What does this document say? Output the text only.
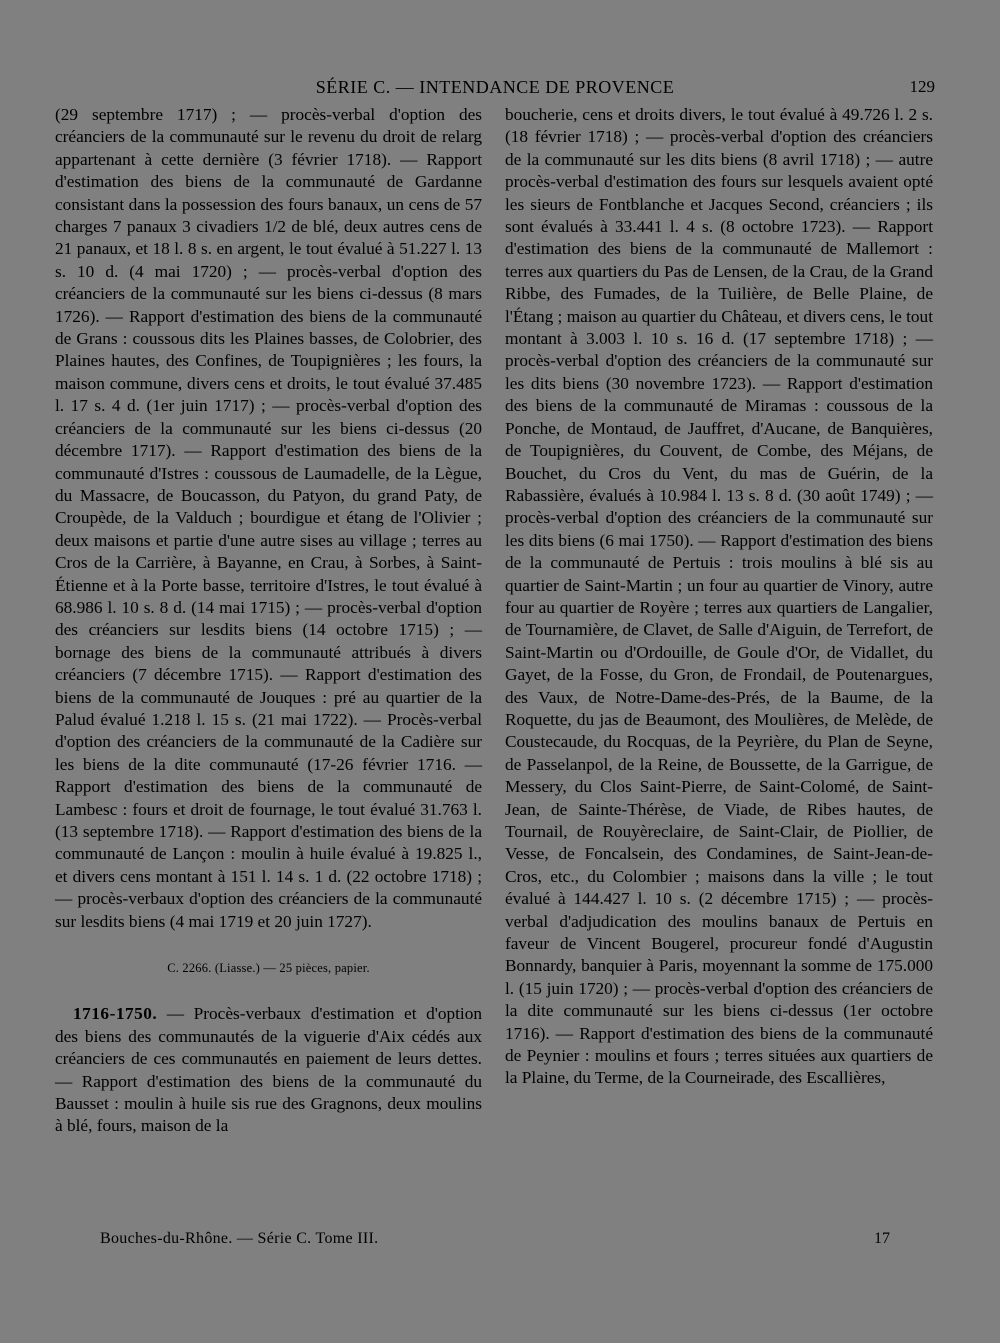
SÉRIE C. — INTENDANCE DE PROVENCE	129

(29 septembre 1717) ; — procès-verbal d'option des créanciers de la communauté sur le revenu du droit de relarg appartenant à cette dernière (3 février 1718). — Rapport d'estimation des biens de la communauté de Gardanne consistant dans la possession des fours banaux, un cens de 57 charges 7 panaux 3 civadiers 1/2 de blé, deux autres cens de 21 panaux, et 18 l. 8 s. en argent, le tout évalué à 51.227 l. 13 s. 10 d. (4 mai 1720) ; — procès-verbal d'option des créanciers de la communauté sur les biens ci-dessus (8 mars 1726). — Rapport d'estimation des biens de la communauté de Grans : coussous dits les Plaines basses, de Colobrier, des Plaines hautes, des Confines, de Toupignières ; les fours, la maison commune, divers cens et droits, le tout évalué 37.485 l. 17 s. 4 d. (1er juin 1717) ; — procès-verbal d'option des créanciers de la communauté sur les biens ci-dessus (20 décembre 1717). — Rapport d'estimation des biens de la communauté d'Istres : coussous de Laumadelle, de la Lègue, du Massacre, de Boucasson, du Patyon, du grand Paty, de Croupède, de la Valduch ; bourdigue et étang de l'Olivier ; deux maisons et partie d'une autre sises au village ; terres au Cros de la Carrière, à Bayanne, en Crau, à Sorbes, à Saint-Étienne et à la Porte basse, territoire d'Istres, le tout évalué à 68.986 l. 10 s. 8 d. (14 mai 1715) ; — procès-verbal d'option des créanciers sur lesdits biens (14 octobre 1715) ; — bornage des biens de la communauté attribués à divers créanciers (7 décembre 1715). — Rapport d'estimation des biens de la communauté de Jouques : pré au quartier de la Palud évalué 1.218 l. 15 s. (21 mai 1722). — Procès-verbal d'option des créanciers de la communauté de la Cadière sur les biens de la dite communauté (17-26 février 1716. — Rapport d'estimation des biens de la communauté de Lambesc : fours et droit de fournage, le tout évalué 31.763 l. (13 septembre 1718). — Rapport d'estimation des biens de la communauté de Lançon : moulin à huile évalué à 19.825 l., et divers cens montant à 151 l. 14 s. 1 d. (22 octobre 1718) ; — procès-verbaux d'option des créanciers de la communauté sur lesdits biens (4 mai 1719 et 20 juin 1727).

C. 2266. (Liasse.) — 25 pièces, papier.

1716-1750. — Procès-verbaux d'estimation et d'option des biens des communautés de la viguerie d'Aix cédés aux créanciers de ces communautés en paiement de leurs dettes. — Rapport d'estimation des biens de la communauté du Bausset : moulin à huile sis rue des Gragnons, deux moulins à blé, fours, maison de la

boucherie, cens et droits divers, le tout évalué à 49.726 l. 2 s. (18 février 1718) ; — procès-verbal d'option des créanciers de la communauté sur les dits biens (8 avril 1718) ; — autre procès-verbal d'estimation des fours sur lesquels avaient opté les sieurs de Fontblanche et Jacques Second, créanciers ; ils sont évalués à 33.441 l. 4 s. (8 octobre 1723). — Rapport d'estimation des biens de la communauté de Mallemort : terres aux quartiers du Pas de Lensen, de la Crau, de la Grand Ribbe, des Fumades, de la Tuilière, de Belle Plaine, de l'Étang ; maison au quartier du Château, et divers cens, le tout montant à 3.003 l. 10 s. 16 d. (17 septembre 1718) ; — procès-verbal d'option des créanciers de la communauté sur les dits biens (30 novembre 1723). — Rapport d'estimation des biens de la communauté de Miramas : coussous de la Ponche, de Montaud, de Jauffret, d'Aucane, de Banquières, de Toupignières, du Couvent, de Combe, des Méjans, de Bouchet, du Cros du Vent, du mas de Guérin, de la Rabassière, évalués à 10.984 l. 13 s. 8 d. (30 août 1749) ; — procès-verbal d'option des créanciers de la communauté sur les dits biens (6 mai 1750). — Rapport d'estimation des biens de la communauté de Pertuis : trois moulins à blé sis au quartier de Saint-Martin ; un four au quartier de Vinory, autre four au quartier de Royère ; terres aux quartiers de Langalier, de Tournamière, de Clavet, de Salle d'Aiguin, de Terrefort, de Saint-Martin ou d'Ordouille, de Goule d'Or, de Vidallet, du Gayet, de la Fosse, du Gron, de Frondail, de Poutenargues, des Vaux, de Notre-Dame-des-Prés, de la Baume, de la Roquette, du jas de Beaumont, des Moulières, de Melède, de Coustecaude, du Rocquas, de la Peyrière, du Plan de Seyne, de Passelanpol, de la Reine, de Boussette, de la Garrigue, de Messery, du Clos Saint-Pierre, de Saint-Colomé, de Saint-Jean, de Sainte-Thérèse, de Viade, de Ribes hautes, de Tournail, de Rouyèreclaire, de Saint-Clair, de Piollier, de Vesse, de Foncalsein, des Condamines, de Saint-Jean-de-Cros, etc., du Colombier ; maisons dans la ville ; le tout évalué à 144.427 l. 10 s. (2 décembre 1715) ; — procès-verbal d'adjudication des moulins banaux de Pertuis en faveur de Vincent Bougerel, procureur fondé d'Augustin Bonnardy, banquier à Paris, moyennant la somme de 175.000 l. (15 juin 1720) ; — procès-verbal d'option des créanciers de la dite communauté sur les biens ci-dessus (1er octobre 1716). — Rapport d'estimation des biens de la communauté de Peynier : moulins et fours ; terres situées aux quartiers de la Plaine, du Terme, de la Courneirade, des Escallières,

Bouches-du-Rhône. — Série C. Tome III.	17
